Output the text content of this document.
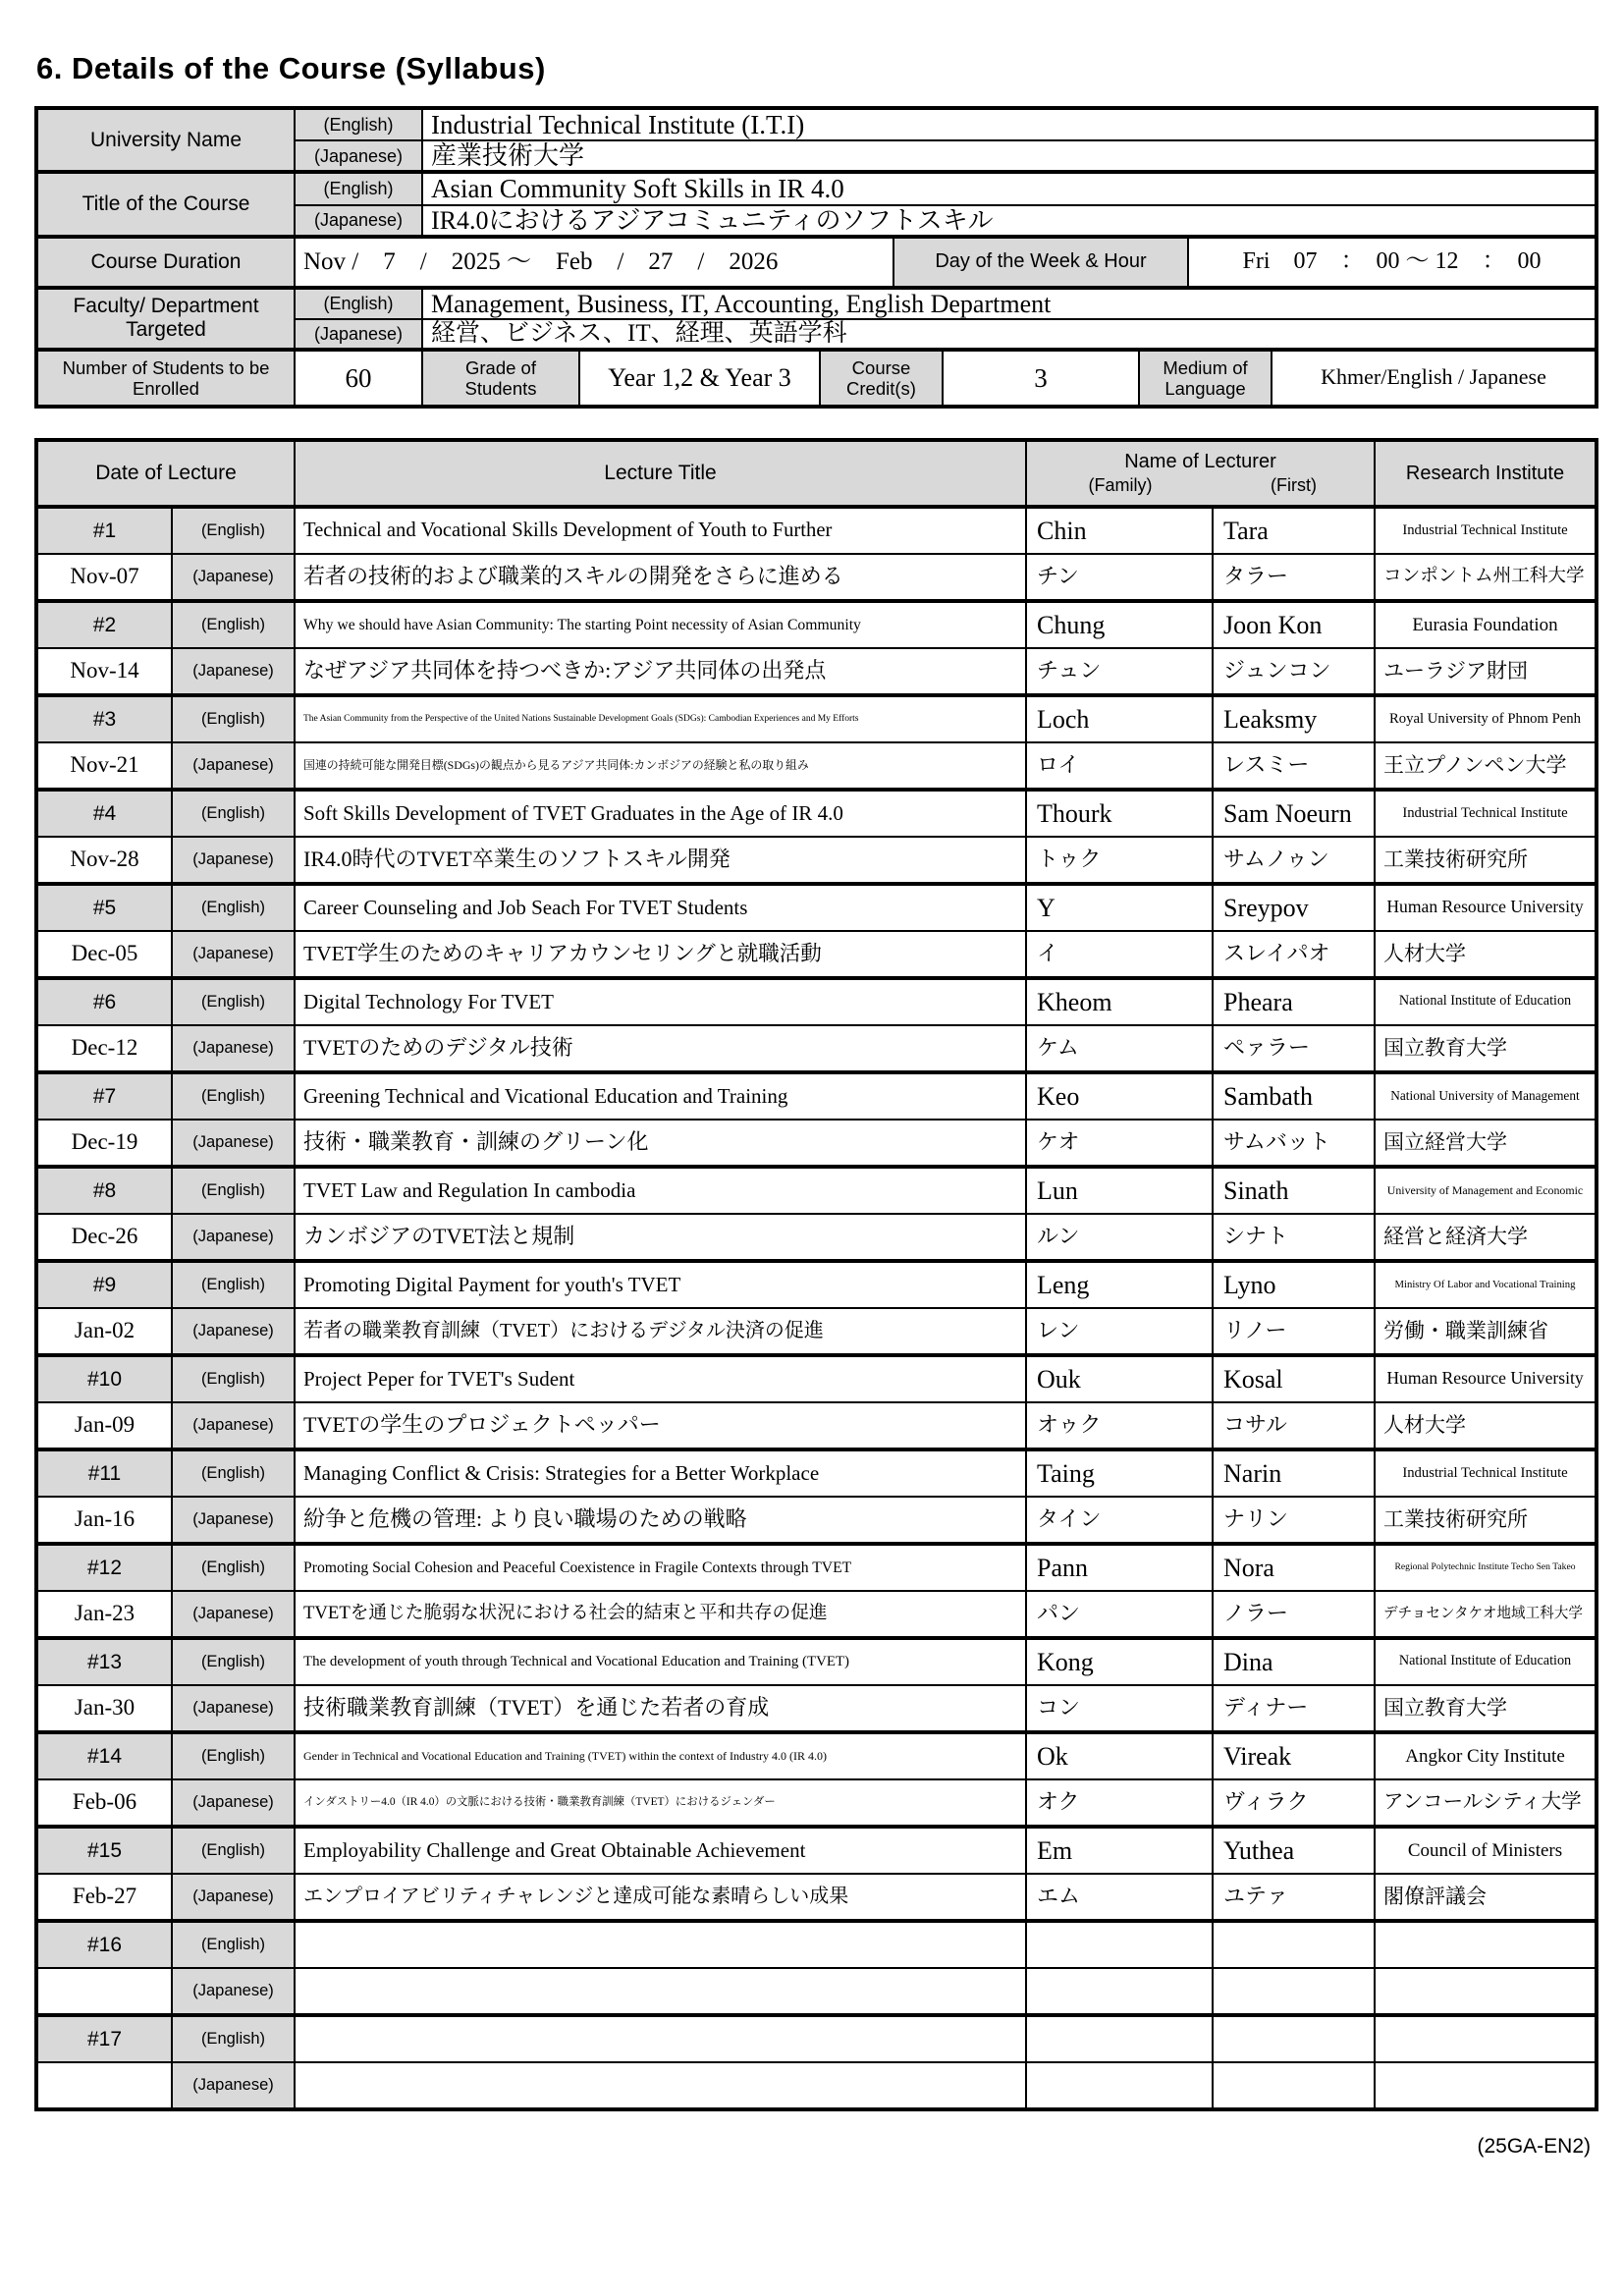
6. Details of the Course (Syllabus)
University Name
(English)	Industrial Technical Institute (I.T.I)
(Japanese)	産業技術大学
Title of the Course
(English)	Asian Community Soft Skills in IR 4.0
(Japanese)	IR4.0におけるアジアコミュニティのソフトスキル
Course Duration	Nov /　7　/　2025 ～　Feb　/　27　/　2026	Day of the Week & Hour	Fri　07　：　00 ～ 12　：　00
Faculty/ Department Targeted
(English)	Management, Business, IT, Accounting, English Department
(Japanese)	経営、ビジネス、IT、経理、英語学科
Number of Students to be Enrolled	60	Grade of Students	Year 1,2 & Year 3	Course Credit(s)	3	Medium of Language	Khmer/English / Japanese
Date of Lecture	Lecture Title
Name of Lecturer
(Family)	(First)
Research Institute
#1	(English)	Technical and Vocational Skills Development of Youth to Further	Chin	Tara	Industrial Technical Institute
Nov-07	(Japanese)	若者の技術的および職業的スキルの開発をさらに進める	チン	タラー	コンポントム州工科大学
#2	(English)	Why we should have Asian Community: The starting Point necessity of Asian Community	Chung	Joon Kon	Eurasia Foundation
Nov-14	(Japanese)	なぜアジア共同体を持つべきか:アジア共同体の出発点	チュン	ジュンコン	ユーラジア財団
#3	(English)	The Asian Community from the Perspective of the United Nations Sustainable Development Goals (SDGs): Cambodian Experiences and My Efforts	Loch	Leaksmy	Royal University of Phnom Penh
Nov-21	(Japanese)	国連の持続可能な開発目標(SDGs)の観点から見るアジア共同体:カンボジアの経験と私の取り組み	ロイ	レスミー	王立プノンペン大学
#4	(English)	Soft Skills Development of TVET Graduates in the Age of IR 4.0	Thourk	Sam Noeurn	Industrial Technical Institute
Nov-28	(Japanese)	IR4.0時代のTVET卒業生のソフトスキル開発	トゥク	サムノゥン	工業技術研究所
#5	(English)	Career Counseling and Job Seach For TVET Students	Y	Sreypov	Human Resource University
Dec-05	(Japanese)	TVET学生のためのキャリアカウンセリングと就職活動	イ	スレイパオ	人材大学
#6	(English)	Digital Technology For TVET	Kheom	Pheara	National Institute of Education
Dec-12	(Japanese)	TVETのためのデジタル技術	ケム	ペァラー	国立教育大学
#7	(English)	Greening Technical and Vicational Education and Training	Keo	Sambath	National University of Management
Dec-19	(Japanese)	技術・職業教育・訓練のグリーン化	ケオ	サムバット	国立経営大学
#8	(English)	TVET Law and Regulation In cambodia	Lun	Sinath	University of Management and Economic
Dec-26	(Japanese)	カンボジアのTVET法と規制	ルン	シナト	経営と経済大学
#9	(English)	Promoting Digital Payment for youth's TVET	Leng	Lyno	Ministry Of Labor and Vocational Training
Jan-02	(Japanese)	若者の職業教育訓練（TVET）におけるデジタル決済の促進	レン	リノー	労働・職業訓練省
#10	(English)	Project Peper for TVET's Sudent	Ouk	Kosal	Human Resource University
Jan-09	(Japanese)	TVETの学生のプロジェクトペッパー	オゥク	コサル	人材大学
#11	(English)	Managing Conflict & Crisis: Strategies for a Better Workplace	Taing	Narin	Industrial Technical Institute
Jan-16	(Japanese)	紛争と危機の管理: より良い職場のための戦略	タイン	ナリン	工業技術研究所
#12	(English)	Promoting Social Cohesion and Peaceful Coexistence in Fragile Contexts through TVET	Pann	Nora	Regional Polytechnic Institute Techo Sen Takeo
Jan-23	(Japanese)	TVETを通じた脆弱な状況における社会的結束と平和共存の促進	パン	ノラー	デチョセンタケオ地域工科大学
#13	(English)	The development of youth through Technical and Vocational Education and Training (TVET)	Kong	Dina	National Institute of Education
Jan-30	(Japanese)	技術職業教育訓練（TVET）を通じた若者の育成	コン	ディナー	国立教育大学
#14	(English)	Gender in Technical and Vocational Education and Training (TVET) within the context of Industry 4.0 (IR 4.0)	Ok	Vireak	Angkor City Institute
Feb-06	(Japanese)	インダストリー4.0（IR 4.0）の文脈における技術・職業教育訓練（TVET）におけるジェンダー	オク	ヴィラク	アンコールシティ大学
#15	(English)	Employability Challenge and Great Obtainable Achievement	Em	Yuthea	Council of Ministers
Feb-27	(Japanese)	エンプロイアビリティチャレンジと達成可能な素晴らしい成果	エム	ユテァ	閣僚評議会
#16	(English)
(Japanese)
#17	(English)
(Japanese)
(25GA-EN2)
